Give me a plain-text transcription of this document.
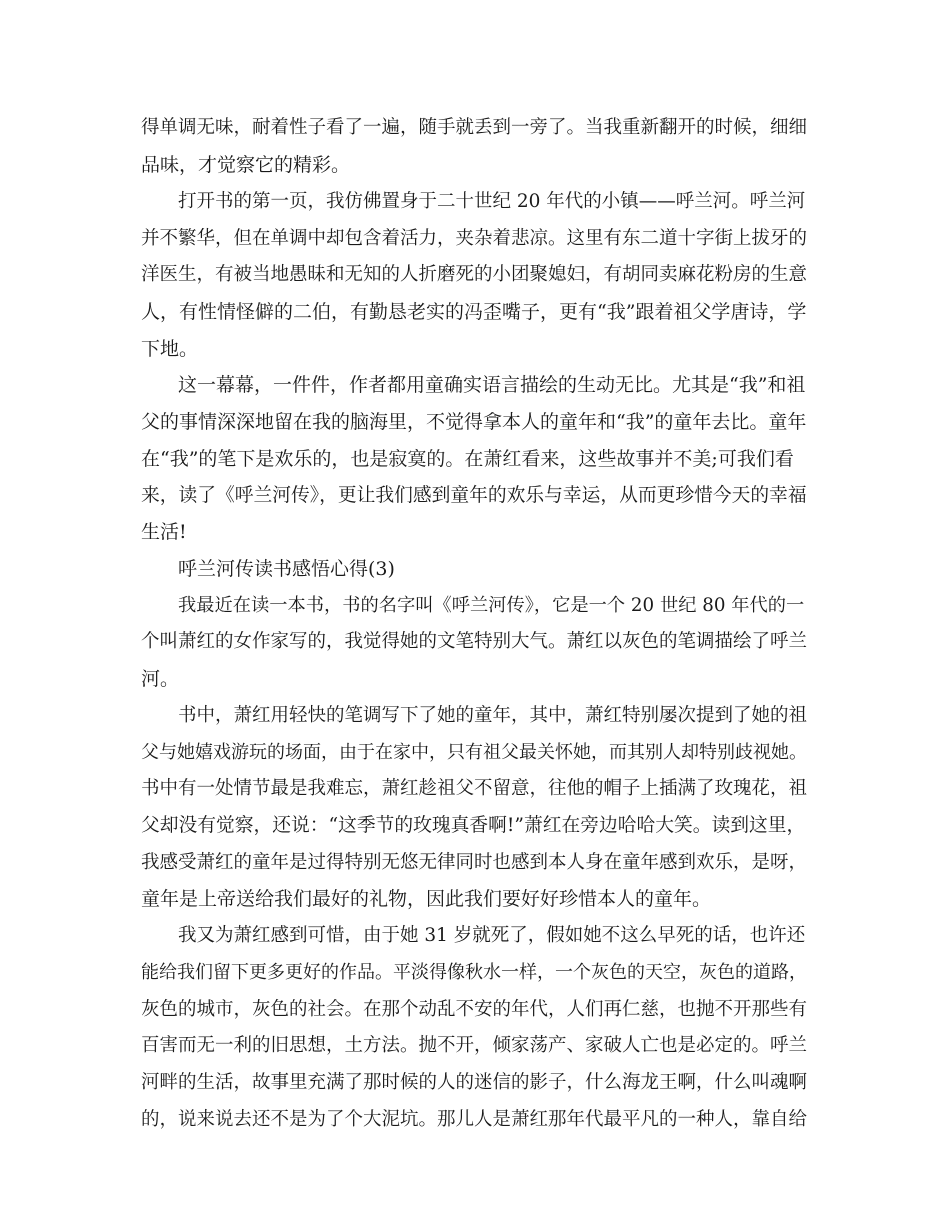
得单调无味，耐着性子看了一遍，随手就丢到一旁了。当我重新翻开的时候，细细
品味，才觉察它的精彩。
打开书的第一页，我仿佛置身于二十世纪 20 年代的小镇——呼兰河。呼兰河
并不繁华，但在单调中却包含着活力，夹杂着悲凉。这里有东二道十字街上拔牙的
洋医生，有被当地愚昧和无知的人折磨死的小团聚媳妇，有胡同卖麻花粉房的生意
人，有性情怪僻的二伯，有勤恳老实的冯歪嘴子，更有“我”跟着祖父学唐诗，学
下地。
这一幕幕，一件件，作者都用童确实语言描绘的生动无比。尤其是“我”和祖
父的事情深深地留在我的脑海里，不觉得拿本人的童年和“我”的童年去比。童年
在“我”的笔下是欢乐的，也是寂寞的。在萧红看来，这些故事并不美;可我们看
来，读了《呼兰河传》，更让我们感到童年的欢乐与幸运，从而更珍惜今天的幸福
生活!
呼兰河传读书感悟心得(3)
我最近在读一本书，书的名字叫《呼兰河传》，它是一个 20 世纪 80 年代的一
个叫萧红的女作家写的，我觉得她的文笔特别大气。萧红以灰色的笔调描绘了呼兰
河。
书中，萧红用轻快的笔调写下了她的童年，其中，萧红特别屡次提到了她的祖
父与她嬉戏游玩的场面，由于在家中，只有祖父最关怀她，而其别人却特别歧视她。
书中有一处情节最是我难忘，萧红趁祖父不留意，往他的帽子上插满了玫瑰花，祖
父却没有觉察，还说：“这季节的玫瑰真香啊!”萧红在旁边哈哈大笑。读到这里，
我感受萧红的童年是过得特别无悠无律同时也感到本人身在童年感到欢乐，是呀，
童年是上帝送给我们最好的礼物，因此我们要好好珍惜本人的童年。
我又为萧红感到可惜，由于她 31 岁就死了，假如她不这么早死的话，也许还
能给我们留下更多更好的作品。平淡得像秋水一样，一个灰色的天空，灰色的道路，
灰色的城市，灰色的社会。在那个动乱不安的年代，人们再仁慈，也抛不开那些有
百害而无一利的旧思想，土方法。抛不开，倾家荡产、家破人亡也是必定的。呼兰
河畔的生活，故事里充满了那时候的人的迷信的影子，什么海龙王啊，什么叫魂啊
的，说来说去还不是为了个大泥坑。那儿人是萧红那年代最平凡的一种人，靠自给
